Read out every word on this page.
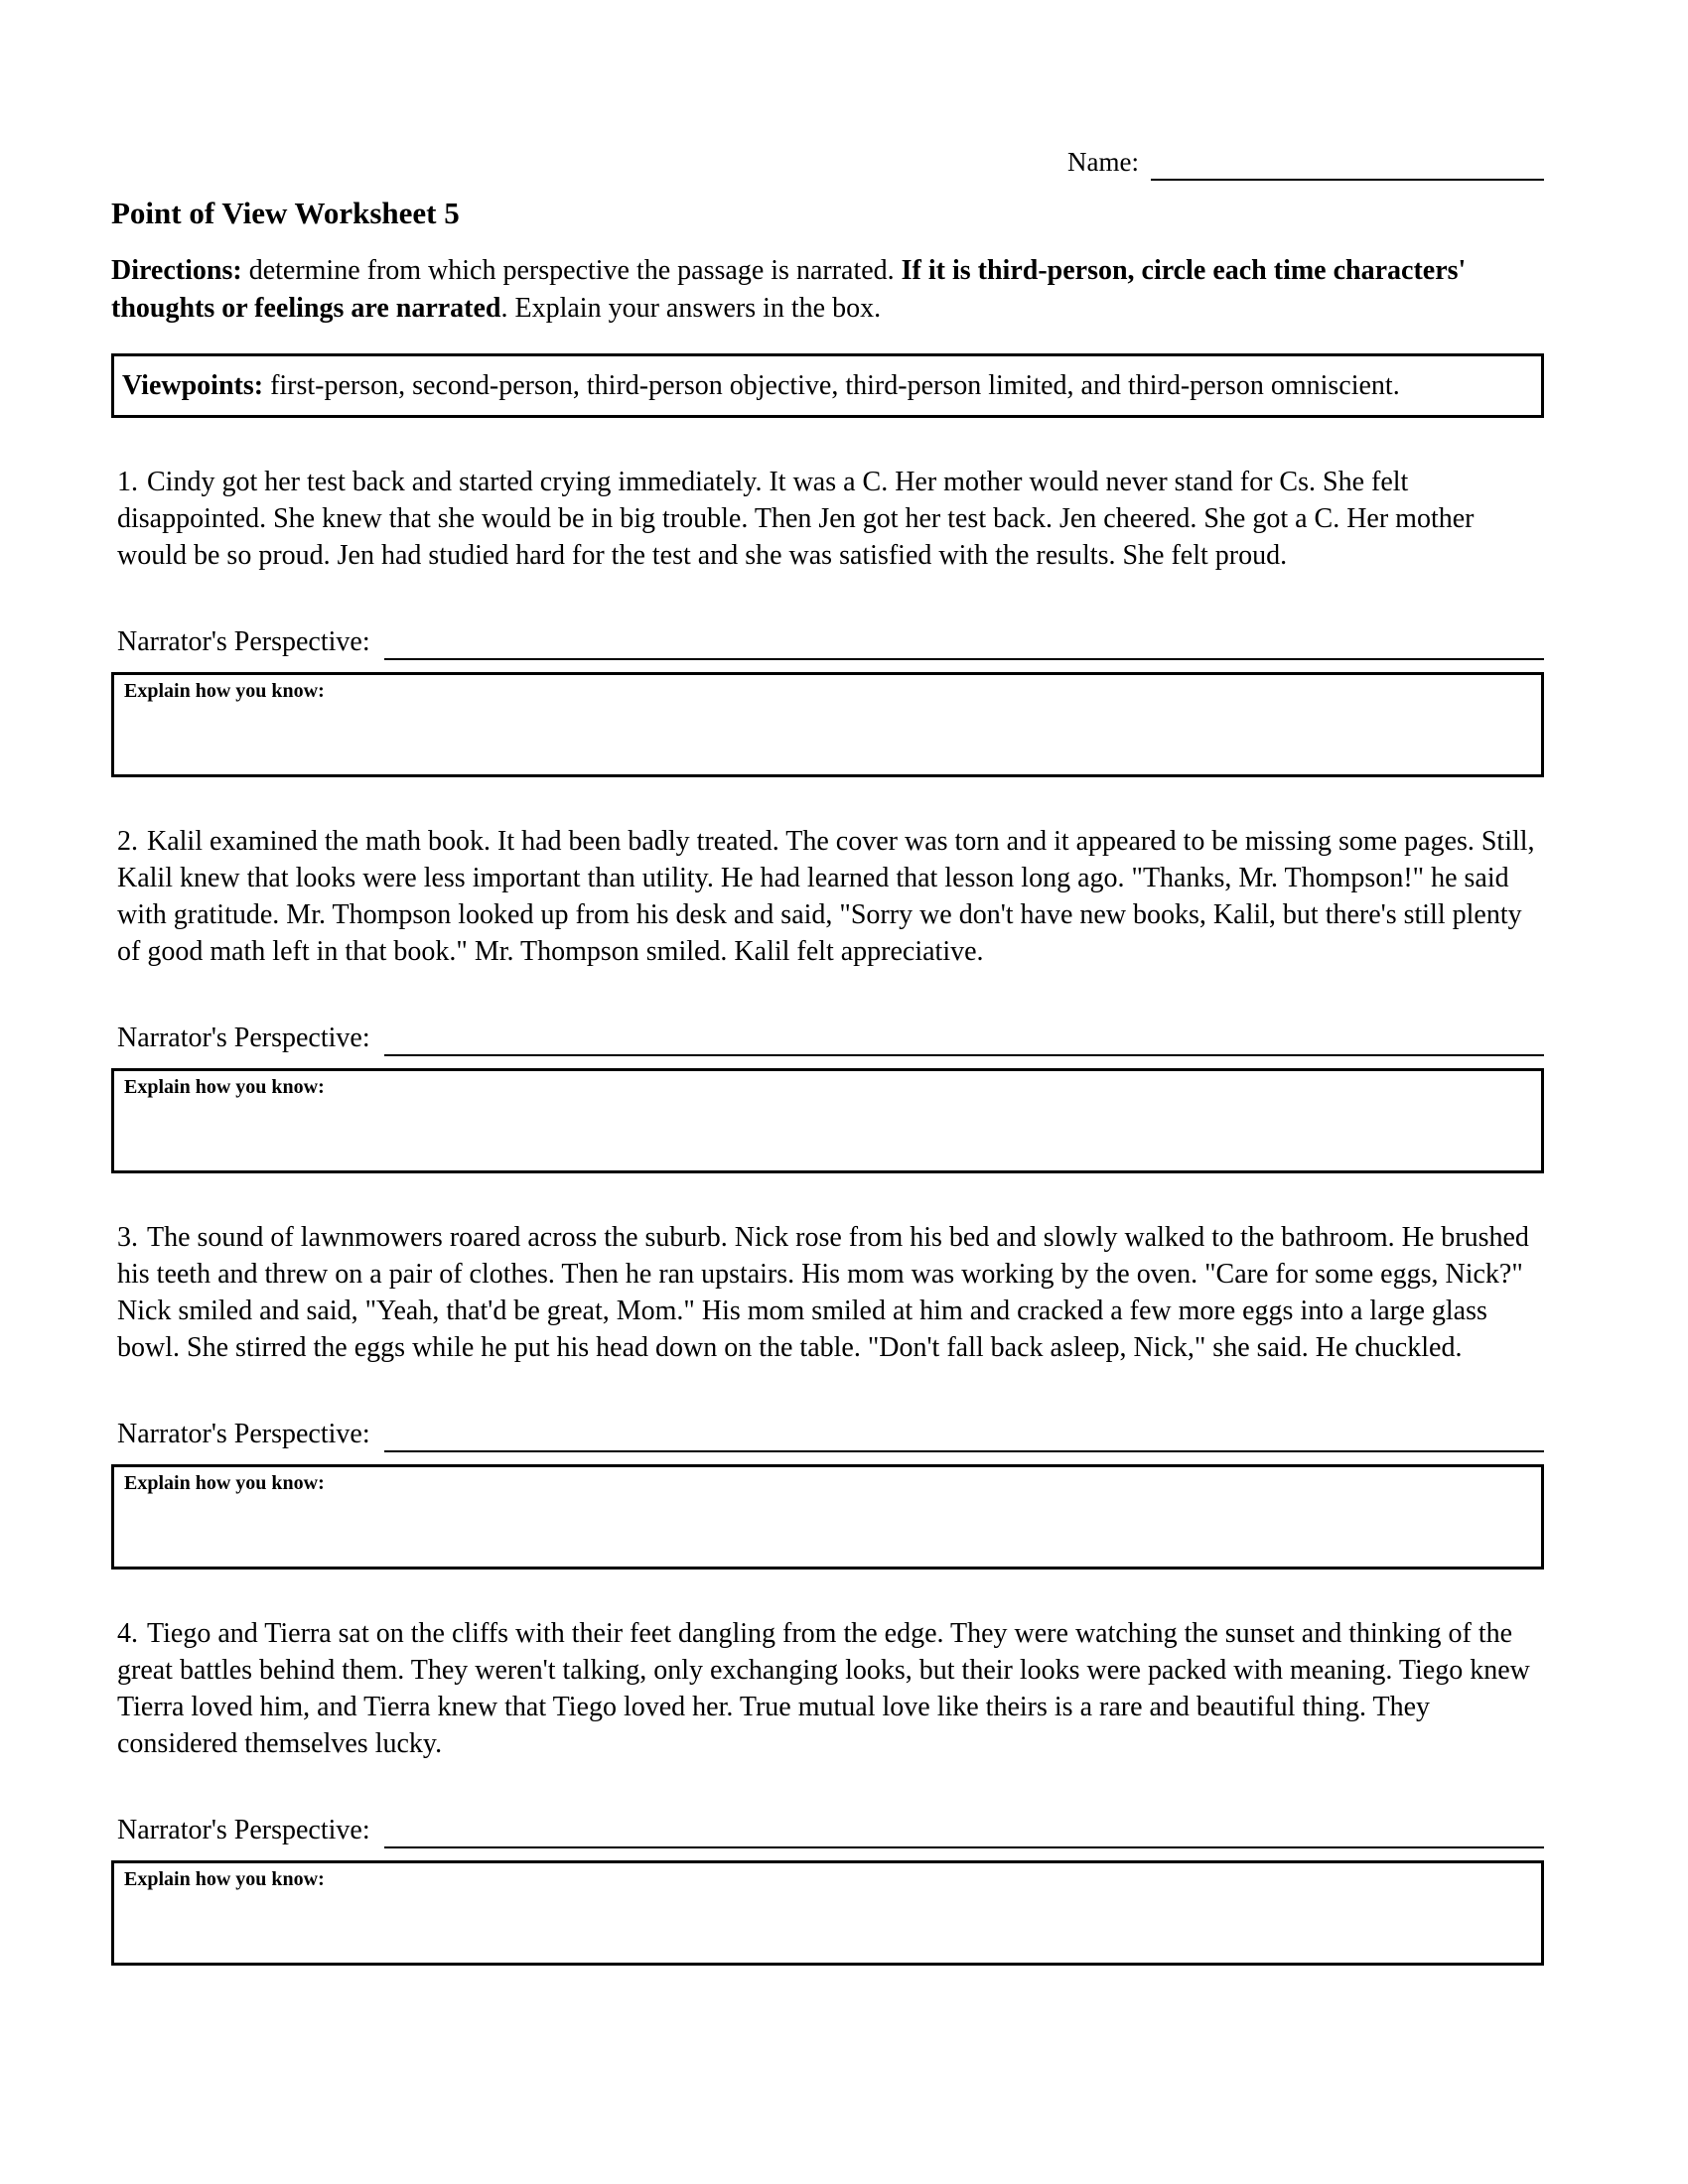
Name:
Point of View Worksheet 5
Directions: determine from which perspective the passage is narrated. If it is third-person, circle each time characters' thoughts or feelings are narrated. Explain your answers in the box.
Viewpoints: first-person, second-person, third-person objective, third-person limited, and third-person omniscient.

1. Cindy got her test back and started crying immediately. It was a C. Her mother would never stand for Cs. She felt disappointed. She knew that she would be in big trouble. Then Jen got her test back. Jen cheered. She got a C. Her mother would be so proud. Jen had studied hard for the test and she was satisfied with the results. She felt proud.

Narrator's Perspective:
Explain how you know:

2. Kalil examined the math book. It had been badly treated. The cover was torn and it appeared to be missing some pages. Still, Kalil knew that looks were less important than utility. He had learned that lesson long ago. "Thanks, Mr. Thompson!" he said with gratitude. Mr. Thompson looked up from his desk and said, "Sorry we don't have new books, Kalil, but there's still plenty of good math left in that book." Mr. Thompson smiled. Kalil felt appreciative.

Narrator's Perspective:
Explain how you know:

3. The sound of lawnmowers roared across the suburb. Nick rose from his bed and slowly walked to the bathroom. He brushed his teeth and threw on a pair of clothes. Then he ran upstairs. His mom was working by the oven. "Care for some eggs, Nick?" Nick smiled and said, "Yeah, that'd be great, Mom." His mom smiled at him and cracked a few more eggs into a large glass bowl. She stirred the eggs while he put his head down on the table. "Don't fall back asleep, Nick," she said. He chuckled.

Narrator's Perspective:
Explain how you know:

4. Tiego and Tierra sat on the cliffs with their feet dangling from the edge. They were watching the sunset and thinking of the great battles behind them. They weren't talking, only exchanging looks, but their looks were packed with meaning. Tiego knew Tierra loved him, and Tierra knew that Tiego loved her. True mutual love like theirs is a rare and beautiful thing. They considered themselves lucky.

Narrator's Perspective:
Explain how you know:
